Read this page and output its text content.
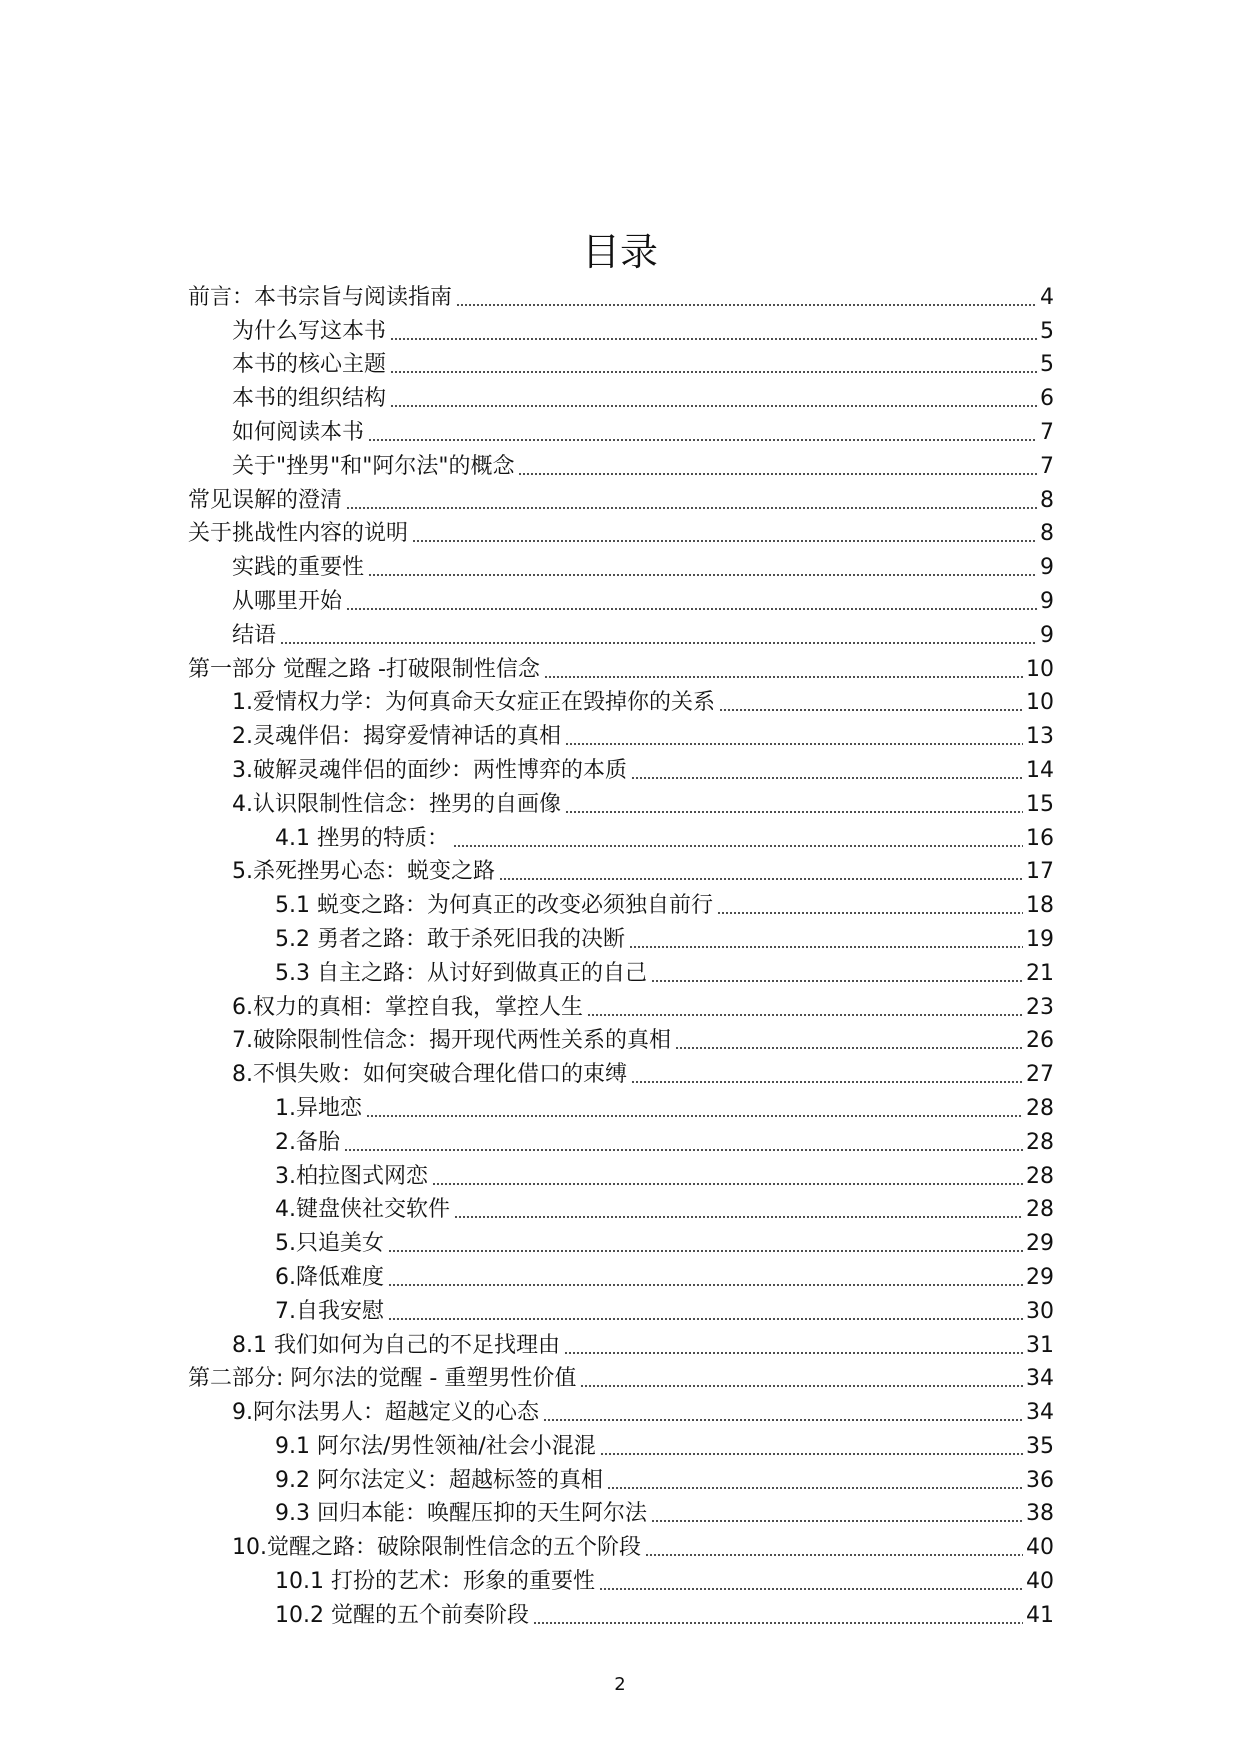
目录
前言：本书宗旨与阅读指南	4
为什么写这本书	5
本书的核心主题	5
本书的组织结构	6
如何阅读本书	7
关于"挫男"和"阿尔法"的概念	7
常见误解的澄清	8
关于挑战性内容的说明	8
实践的重要性	9
从哪里开始	9
结语	9
第一部分 觉醒之路 -打破限制性信念	10
1.爱情权力学：为何真命天女症正在毁掉你的关系	10
2.灵魂伴侣：揭穿爱情神话的真相	13
3.破解灵魂伴侣的面纱：两性博弈的本质	14
4.认识限制性信念：挫男的自画像	15
4.1 挫男的特质：	16
5.杀死挫男心态：蜕变之路	17
5.1 蜕变之路：为何真正的改变必须独自前行	18
5.2 勇者之路：敢于杀死旧我的决断	19
5.3 自主之路：从讨好到做真正的自己	21
6.权力的真相：掌控自我，掌控人生	23
7.破除限制性信念：揭开现代两性关系的真相	26
8.不惧失败：如何突破合理化借口的束缚	27
1.异地恋	28
2.备胎	28
3.柏拉图式网恋	28
4.键盘侠社交软件	28
5.只追美女	29
6.降低难度	29
7.自我安慰	30
8.1 我们如何为自己的不足找理由	31
第二部分: 阿尔法的觉醒 - 重塑男性价值	34
9.阿尔法男人：超越定义的心态	34
9.1 阿尔法/男性领袖/社会小混混	35
9.2 阿尔法定义：超越标签的真相	36
9.3 回归本能：唤醒压抑的天生阿尔法	38
10.觉醒之路：破除限制性信念的五个阶段	40
10.1 打扮的艺术：形象的重要性	40
10.2 觉醒的五个前奏阶段	41
2
